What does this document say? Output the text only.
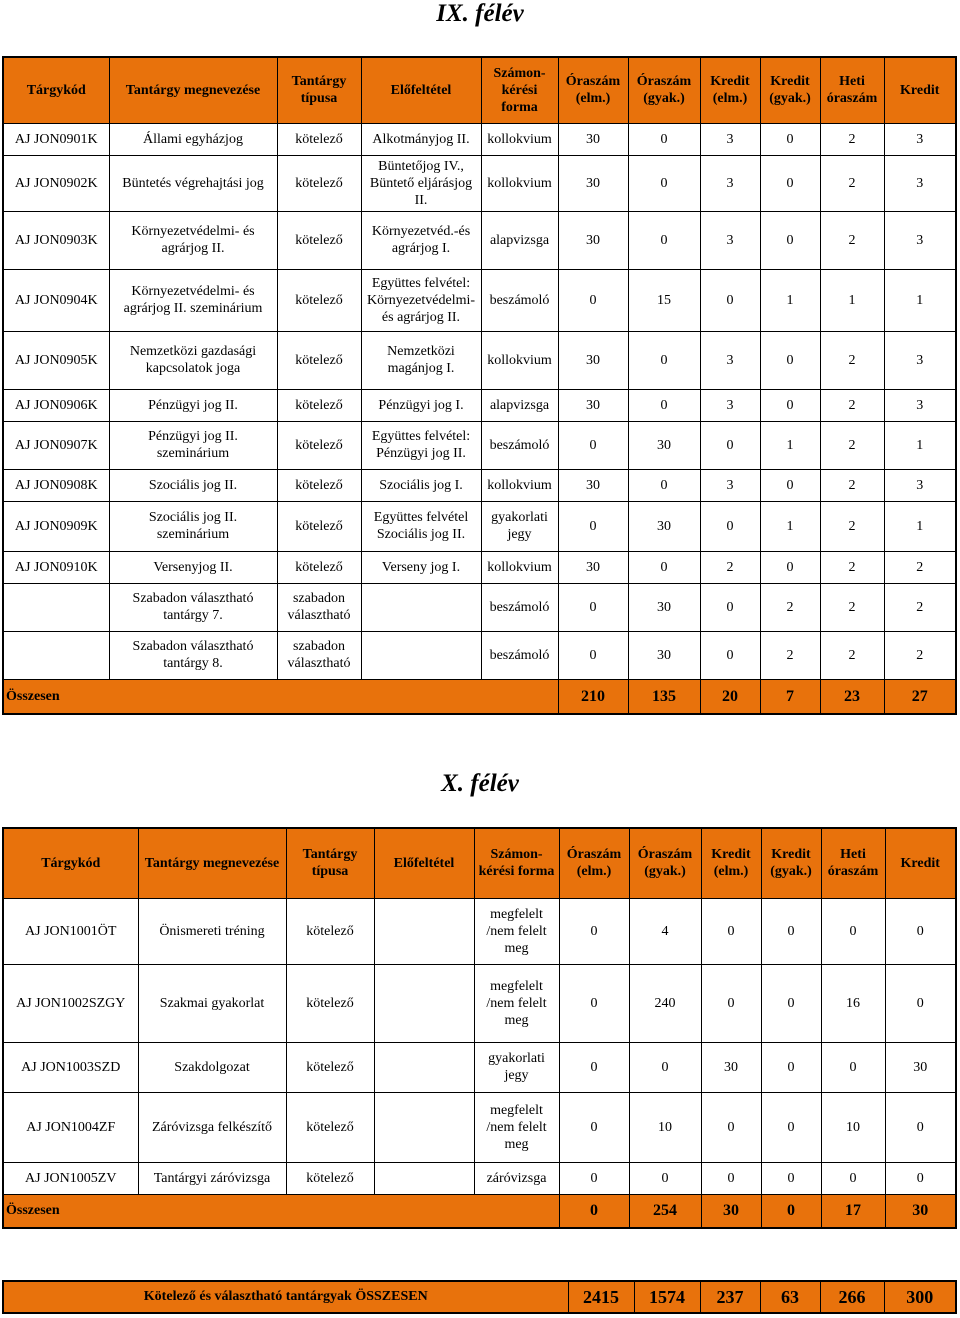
IX. félév
Tárgykód	Tantárgy megnevezése	Tantárgy típusa	Előfeltétel	Számon-kérési forma	Óraszám (elm.)	Óraszám (gyak.)	Kredit (elm.)	Kredit (gyak.)	Heti óraszám	Kredit
AJ JON0901K	Állami egyházjog	kötelező	Alkotmányjog II.	kollokvium	30	0	3	0	2	3
AJ JON0902K	Büntetés végrehajtási jog	kötelező	Büntetőjog IV., Büntető eljárásjog II.	kollokvium	30	0	3	0	2	3
AJ JON0903K	Környezetvédelmi- és agrárjog II.	kötelező	Környezetvéd.-és agrárjog I.	alapvizsga	30	0	3	0	2	3
AJ JON0904K	Környezetvédelmi- és agrárjog II. szeminárium	kötelező	Együttes felvétel: Környezetvédelmi- és agrárjog II.	beszámoló	0	15	0	1	1	1
AJ JON0905K	Nemzetközi gazdasági kapcsolatok joga	kötelező	Nemzetközi magánjog I.	kollokvium	30	0	3	0	2	3
AJ JON0906K	Pénzügyi jog II.	kötelező	Pénzügyi jog I.	alapvizsga	30	0	3	0	2	3
AJ JON0907K	Pénzügyi jog II. szeminárium	kötelező	Együttes felvétel: Pénzügyi jog II.	beszámoló	0	30	0	1	2	1
AJ JON0908K	Szociális jog II.	kötelező	Szociális jog I.	kollokvium	30	0	3	0	2	3
AJ JON0909K	Szociális jog II. szeminárium	kötelező	Együttes felvétel Szociális jog II.	gyakorlati jegy	0	30	0	1	2	1
AJ JON0910K	Versenyjog II.	kötelező	Verseny jog I.	kollokvium	30	0	2	0	2	2
	Szabadon választható tantárgy 7.	szabadon választható		beszámoló	0	30	0	2	2	2
	Szabadon választható tantárgy 8.	szabadon választható		beszámoló	0	30	0	2	2	2
Összesen					210	135	20	7	23	27
X. félév
Tárgykód	Tantárgy megnevezése	Tantárgy típusa	Előfeltétel	Számon-kérési forma	Óraszám (elm.)	Óraszám (gyak.)	Kredit (elm.)	Kredit (gyak.)	Heti óraszám	Kredit
AJ JON1001ÖT	Önismereti tréning	kötelező		megfelelt /nem felelt meg	0	4	0	0	0	0
AJ JON1002SZGY	Szakmai gyakorlat	kötelező		megfelelt /nem felelt meg	0	240	0	0	16	0
AJ JON1003SZD	Szakdolgozat	kötelező		gyakorlati jegy	0	0	30	0	0	30
AJ JON1004ZF	Záróvizsga felkészítő	kötelező		megfelelt /nem felelt meg	0	10	0	0	10	0
AJ JON1005ZV	Tantárgyi záróvizsga	kötelező		záróvizsga	0	0	0	0	0	0
Összesen					0	254	30	0	17	30
Kötelező és választható tantárgyak ÖSSZESEN	2415	1574	237	63	266	300
